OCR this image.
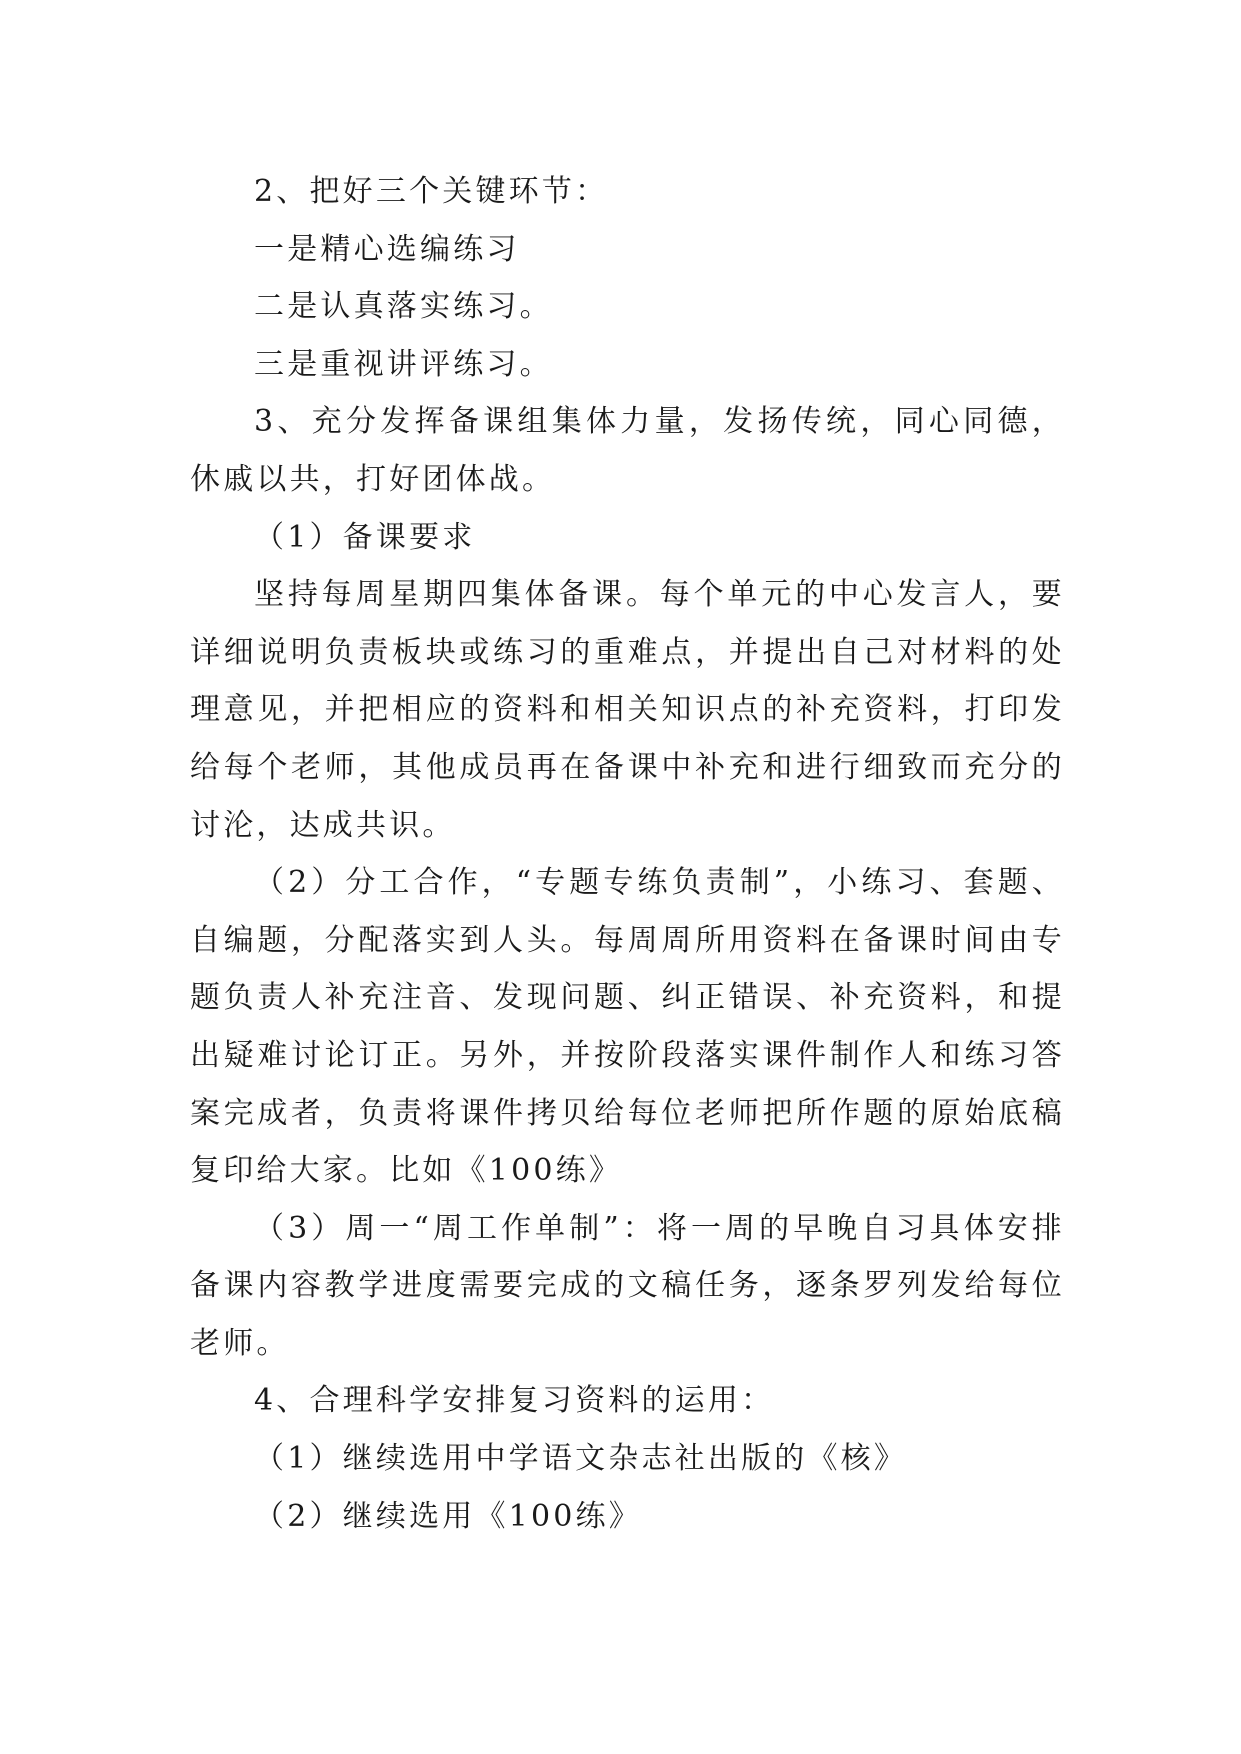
2、把好三个关键环节：

一是精心选编练习

二是认真落实练习。

三是重视讲评练习。

3、充分发挥备课组集体力量，发扬传统，同心同德，休戚以共，打好团体战。

（1）备课要求

坚持每周星期四集体备课。每个单元的中心发言人，要详细说明负责板块或练习的重难点，并提出自己对材料的处理意见，并把相应的资料和相关知识点的补充资料，打印发给每个老师，其他成员再在备课中补充和进行细致而充分的讨沦，达成共识。

（2）分工合作，“专题专练负责制”，小练习、套题、自编题，分配落实到人头。每周周所用资料在备课时间由专题负责人补充注音、发现问题、纠正错误、补充资料，和提出疑难讨论订正。另外，并按阶段落实课件制作人和练习答案完成者，负责将课件拷贝给每位老师把所作题的原始底稿复印给大家。比如《100练》

（3）周一“周工作单制”：将一周的早晚自习具体安排备课内容教学进度需要完成的文稿任务，逐条罗列发给每位老师。

4、合理科学安排复习资料的运用：

（1）继续选用中学语文杂志社出版的《核》

（2）继续选用《100练》
